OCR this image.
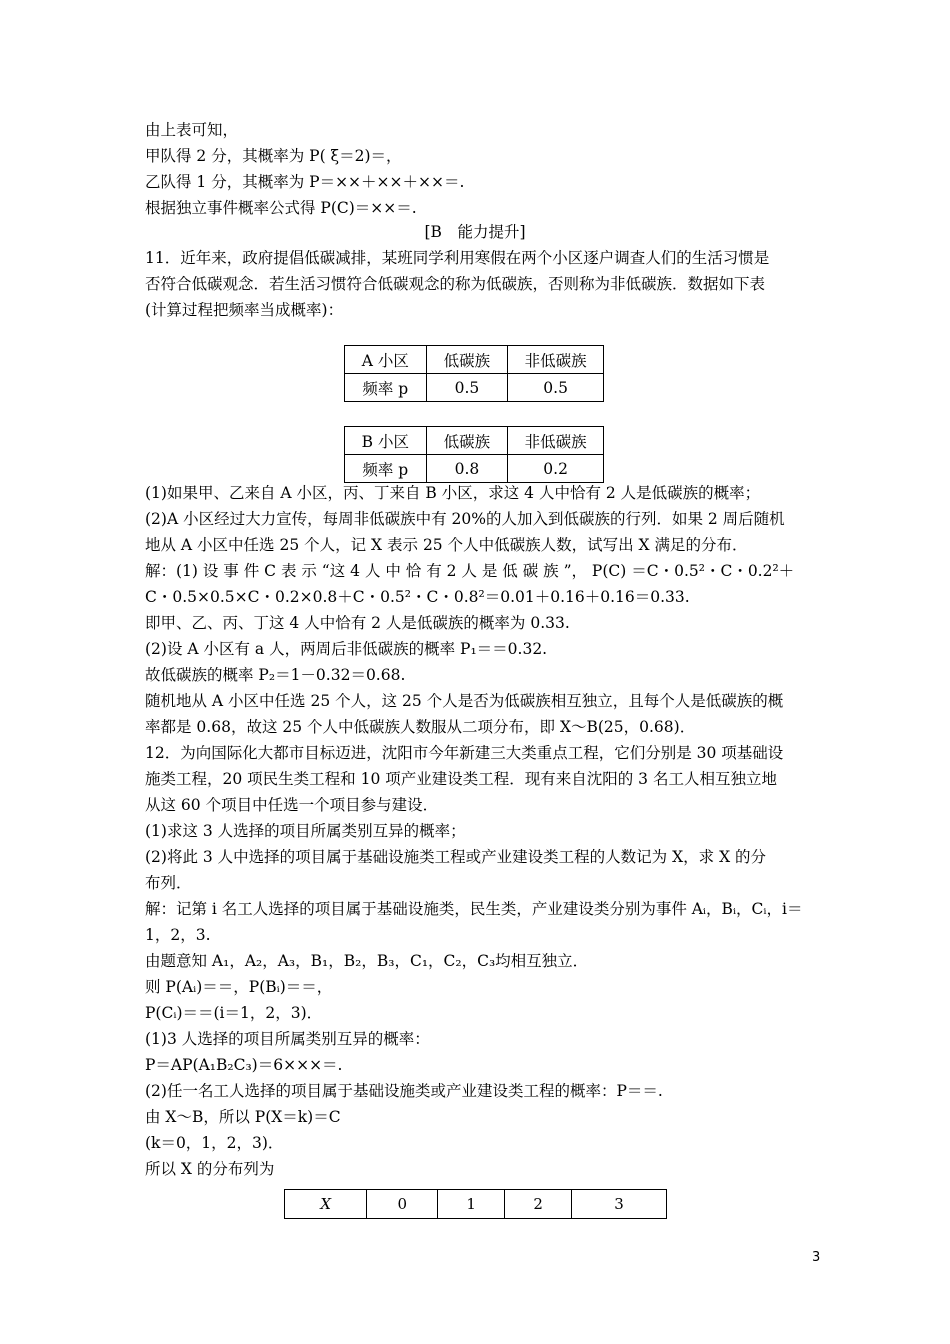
由上表可知，
甲队得 2 分，其概率为 P( ξ＝2)＝，
乙队得 1 分，其概率为 P＝××＋××＋××＝.
根据独立事件概率公式得 P(C)＝××＝.
[B　能力提升]
11．近年来，政府提倡低碳减排，某班同学利用寒假在两个小区逐户调查人们的生活习惯是
否符合低碳观念．若生活习惯符合低碳观念的称为低碳族，否则称为非低碳族．数据如下表
(计算过程把频率当成概率)：
A 小区	低碳族	非低碳族
频率 p	0.5	0.5
B 小区	低碳族	非低碳族
频率 p	0.8	0.2
(1)如果甲、乙来自 A 小区，丙、丁来自 B 小区，求这 4 人中恰有 2 人是低碳族的概率；
(2)A 小区经过大力宣传，每周非低碳族中有 20%的人加入到低碳族的行列．如果 2 周后随机
地从 A 小区中任选 25 个人，记 X 表示 25 个人中低碳族人数，试写出 X 满足的分布．
解：(1) 设 事 件 C 表 示 “这 4 人 中 恰 有 2 人 是 低 碳 族 ”， P(C) ＝C・0.5²・C・0.2²＋
C・0.5×0.5×C・0.2×0.8＋C・0.5²・C・0.8²＝0.01＋0.16＋0.16＝0.33.
即甲、乙、丙、丁这 4 人中恰有 2 人是低碳族的概率为 0.33.
(2)设 A 小区有 a 人，两周后非低碳族的概率 P₁＝＝0.32.
故低碳族的概率 P₂＝1－0.32＝0.68.
随机地从 A 小区中任选 25 个人，这 25 个人是否为低碳族相互独立，且每个人是低碳族的概
率都是 0.68，故这 25 个人中低碳族人数服从二项分布，即 X～B(25，0.68)．
12．为向国际化大都市目标迈进，沈阳市今年新建三大类重点工程，它们分别是 30 项基础设
施类工程，20 项民生类工程和 10 项产业建设类工程．现有来自沈阳的 3 名工人相互独立地
从这 60 个项目中任选一个项目参与建设．
(1)求这 3 人选择的项目所属类别互异的概率；
(2)将此 3 人中选择的项目属于基础设施类工程或产业建设类工程的人数记为 X，求 X 的分
布列．
解：记第 i 名工人选择的项目属于基础设施类，民生类，产业建设类分别为事件 Aᵢ，Bᵢ，Cᵢ，i＝
1，2，3.
由题意知 A₁，A₂，A₃，B₁，B₂，B₃，C₁，C₂，C₃均相互独立．
则 P(Aᵢ)＝＝，P(Bᵢ)＝＝，
P(Cᵢ)＝＝(i＝1，2，3)．
(1)3 人选择的项目所属类别互异的概率：
P＝AP(A₁B₂C₃)＝6×××＝.
(2)任一名工人选择的项目属于基础设施类或产业建设类工程的概率：P＝＝.
由 X～B，所以 P(X＝k)＝C
(k＝0，1，2，3)．
所以 X 的分布列为
X	0	1	2	3
3
